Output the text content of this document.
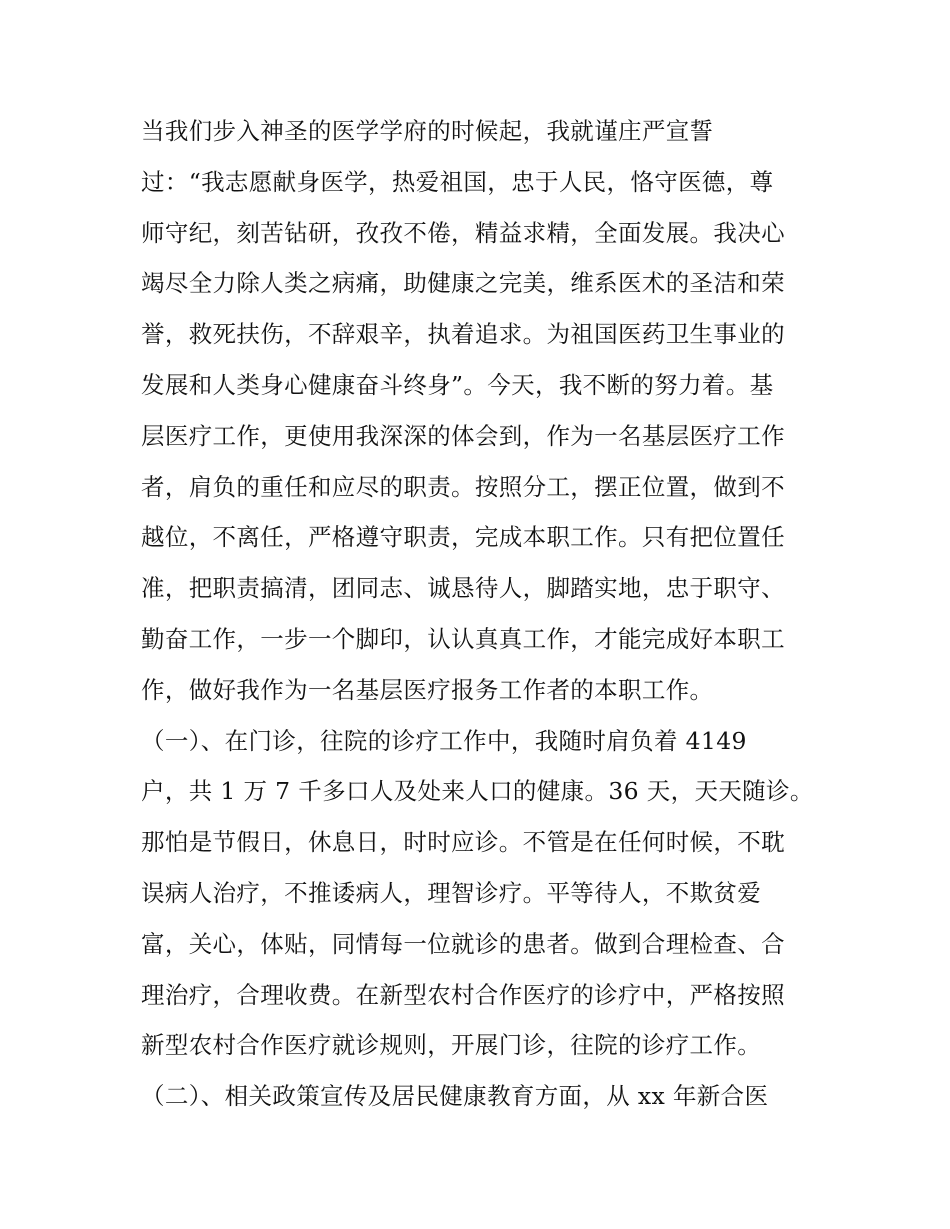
当我们步入神圣的医学学府的时候起，我就谨庄严宣誓
过：“我志愿献身医学，热爱祖国，忠于人民，恪守医德，尊
师守纪，刻苦钻研，孜孜不倦，精益求精，全面发展。我决心
竭尽全力除人类之病痛，助健康之完美，维系医术的圣洁和荣
誉，救死扶伤，不辞艰辛，执着追求。为祖国医药卫生事业的
发展和人类身心健康奋斗终身”。今天，我不断的努力着。基
层医疗工作，更使用我深深的体会到，作为一名基层医疗工作
者，肩负的重任和应尽的职责。按照分工，摆正位置，做到不
越位，不离任，严格遵守职责，完成本职工作。只有把位置任
准，把职责搞清，团同志、诚恳待人，脚踏实地，忠于职守、
勤奋工作，一步一个脚印，认认真真工作，才能完成好本职工
作，做好我作为一名基层医疗报务工作者的本职工作。
（一）、在门诊，往院的诊疗工作中，我随时肩负着 4149
户，共 1 万 7 千多口人及处来人口的健康。36 天，天天随诊。
那怕是节假日，休息日，时时应诊。不管是在任何时候，不耽
误病人治疗，不推诿病人，理智诊疗。平等待人，不欺贫爱
富，关心，体贴，同情每一位就诊的患者。做到合理检查、合
理治疗，合理收费。在新型农村合作医疗的诊疗中，严格按照
新型农村合作医疗就诊规则，开展门诊，往院的诊疗工作。
（二）、相关政策宣传及居民健康教育方面，从 xx 年新合医
